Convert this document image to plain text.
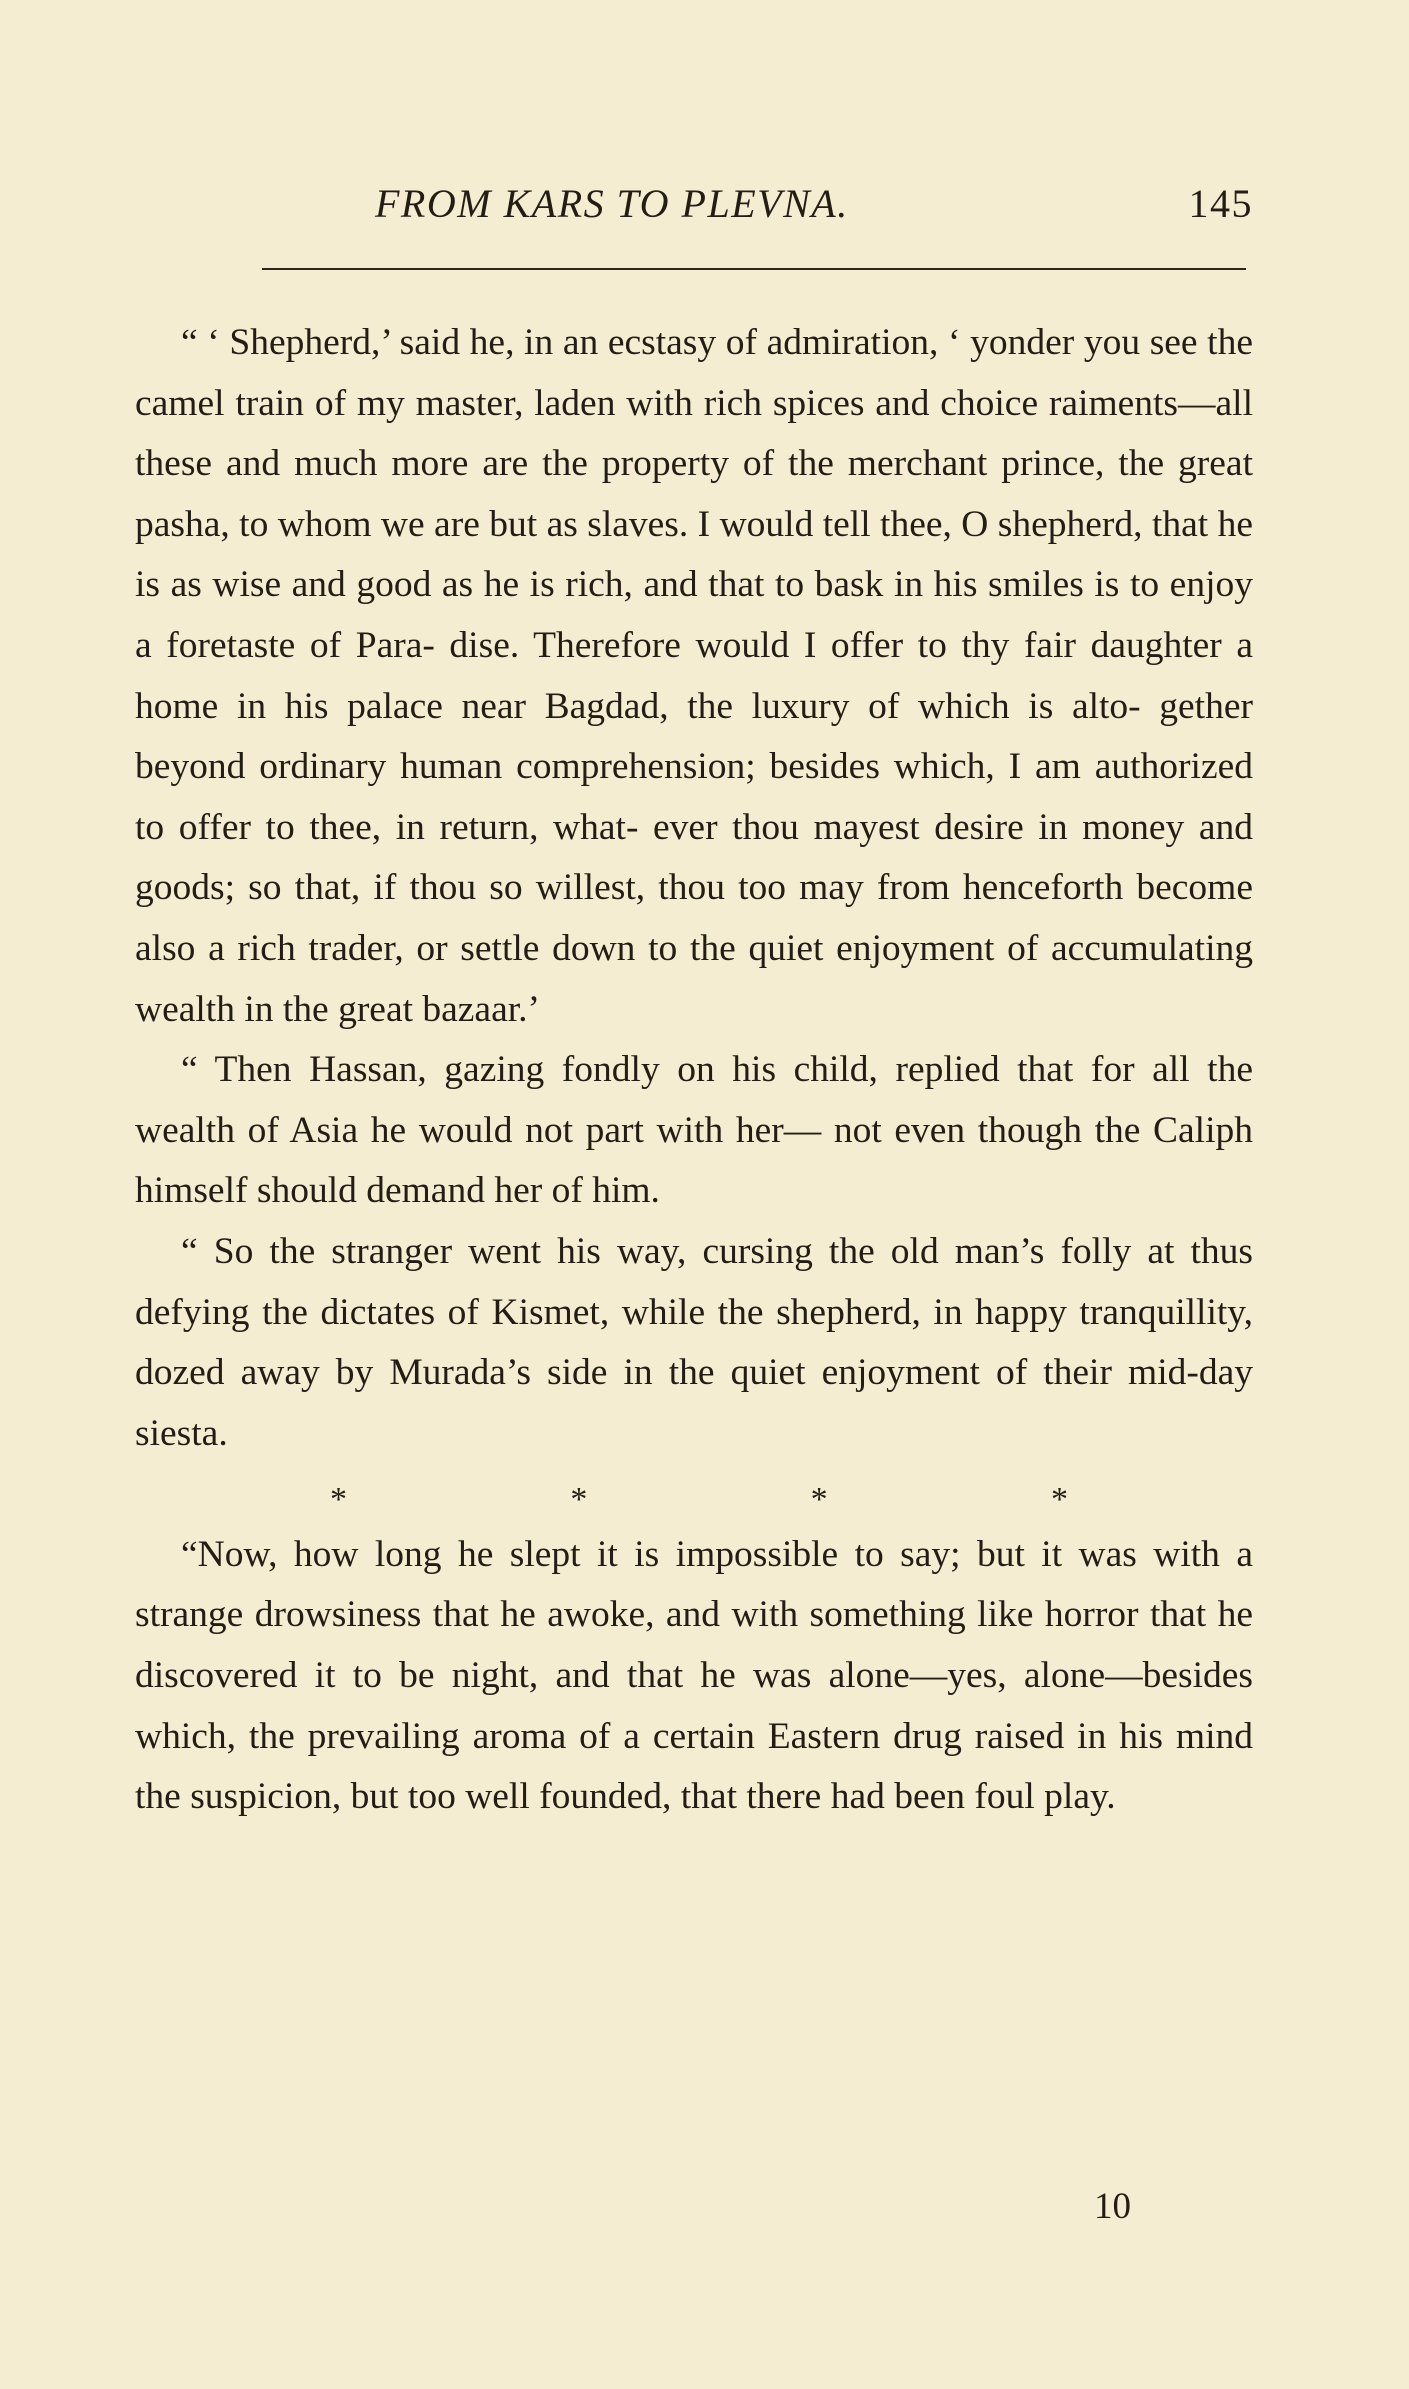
FROM KARS TO PLEVNA.	145

“ ‘ Shepherd,’ said he, in an ecstasy of admiration, ‘ yonder you see the camel train of my master, laden with rich spices and choice raiments—all these and much more are the property of the merchant prince, the great pasha, to whom we are but as slaves. I would tell thee, O shepherd, that he is as wise and good as he is rich, and that to bask in his smiles is to enjoy a foretaste of Para- dise. Therefore would I offer to thy fair daughter a home in his palace near Bagdad, the luxury of which is alto- gether beyond ordinary human comprehension; besides which, I am authorized to offer to thee, in return, what- ever thou mayest desire in money and goods; so that, if thou so willest, thou too may from henceforth become also a rich trader, or settle down to the quiet enjoyment of accumulating wealth in the great bazaar.’

“ Then Hassan, gazing fondly on his child, replied that for all the wealth of Asia he would not part with her— not even though the Caliph himself should demand her of him.

“ So the stranger went his way, cursing the old man’s folly at thus defying the dictates of Kismet, while the shepherd, in happy tranquillity, dozed away by Murada’s side in the quiet enjoyment of their mid-day siesta.

*	*	*	*

“Now, how long he slept it is impossible to say; but it was with a strange drowsiness that he awoke, and with something like horror that he discovered it to be night, and that he was alone—yes, alone—besides which, the prevailing aroma of a certain Eastern drug raised in his mind the suspicion, but too well founded, that there had been foul play.

10
